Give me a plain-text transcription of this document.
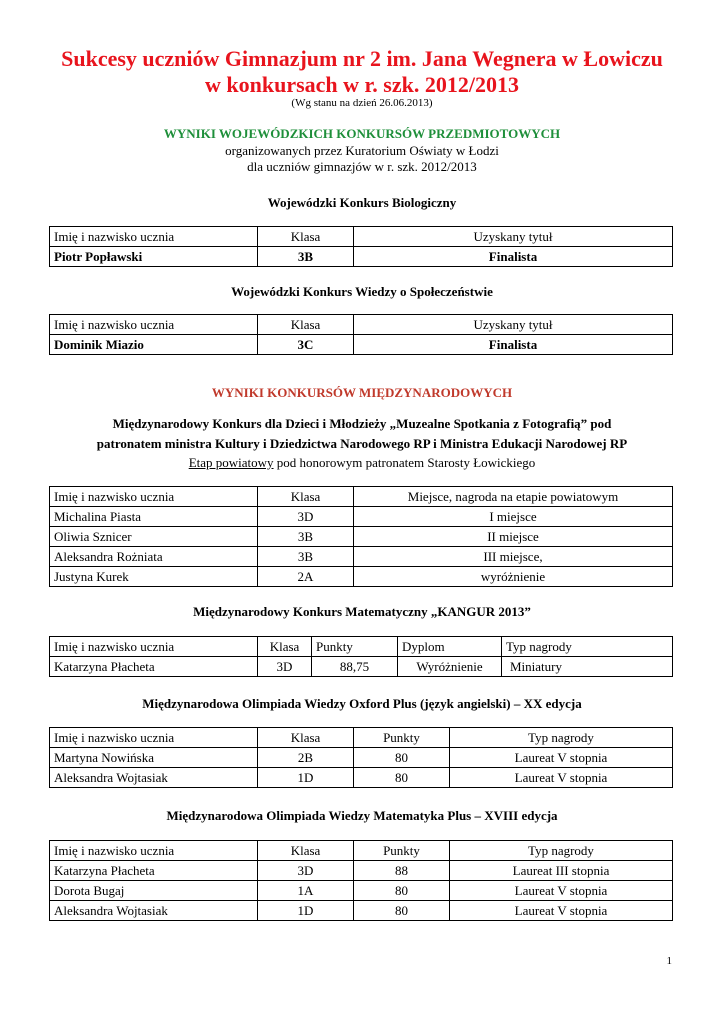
Sukcesy uczniów Gimnazjum nr 2 im. Jana Wegnera w Łowiczu
w konkursach w r. szk. 2012/2013
(Wg stanu na dzień 26.06.2013)
WYNIKI WOJEWÓDZKICH KONKURSÓW PRZEDMIOTOWYCH
organizowanych przez Kuratorium Oświaty w Łodzi
dla uczniów gimnazjów w r. szk. 2012/2013
Wojewódzki Konkurs Biologiczny
Imię i nazwisko ucznia	Klasa	Uzyskany tytuł
Piotr Popławski	3B	Finalista
Wojewódzki Konkurs Wiedzy o Społeczeństwie
Imię i nazwisko ucznia	Klasa	Uzyskany tytuł
Dominik Miazio	3C	Finalista
WYNIKI KONKURSÓW MIĘDZYNARODOWYCH
Międzynarodowy Konkurs dla Dzieci i Młodzieży „Muzealne Spotkania z Fotografią” pod
patronatem ministra Kultury i Dziedzictwa Narodowego RP i Ministra Edukacji Narodowej RP
Etap powiatowy pod honorowym patronatem Starosty Łowickiego
Imię i nazwisko ucznia	Klasa	Miejsce, nagroda na etapie powiatowym
Michalina Piasta	3D	I miejsce
Oliwia Sznicer	3B	II miejsce
Aleksandra Rożniata	3B	III miejsce,
Justyna Kurek	2A	wyróżnienie
Międzynarodowy Konkurs Matematyczny „KANGUR 2013”
Imię i nazwisko ucznia	Klasa	Punkty	Dyplom	Typ nagrody
Katarzyna Płacheta	3D	88,75	Wyróżnienie	Miniatury
Międzynarodowa Olimpiada Wiedzy Oxford Plus (język angielski) – XX edycja
Imię i nazwisko ucznia	Klasa	Punkty	Typ nagrody
Martyna Nowińska	2B	80	Laureat V stopnia
Aleksandra Wojtasiak	1D	80	Laureat V stopnia
Międzynarodowa Olimpiada Wiedzy Matematyka Plus – XVIII edycja
Imię i nazwisko ucznia	Klasa	Punkty	Typ nagrody
Katarzyna Płacheta	3D	88	Laureat III stopnia
Dorota Bugaj	1A	80	Laureat V stopnia
Aleksandra Wojtasiak	1D	80	Laureat V stopnia
1
